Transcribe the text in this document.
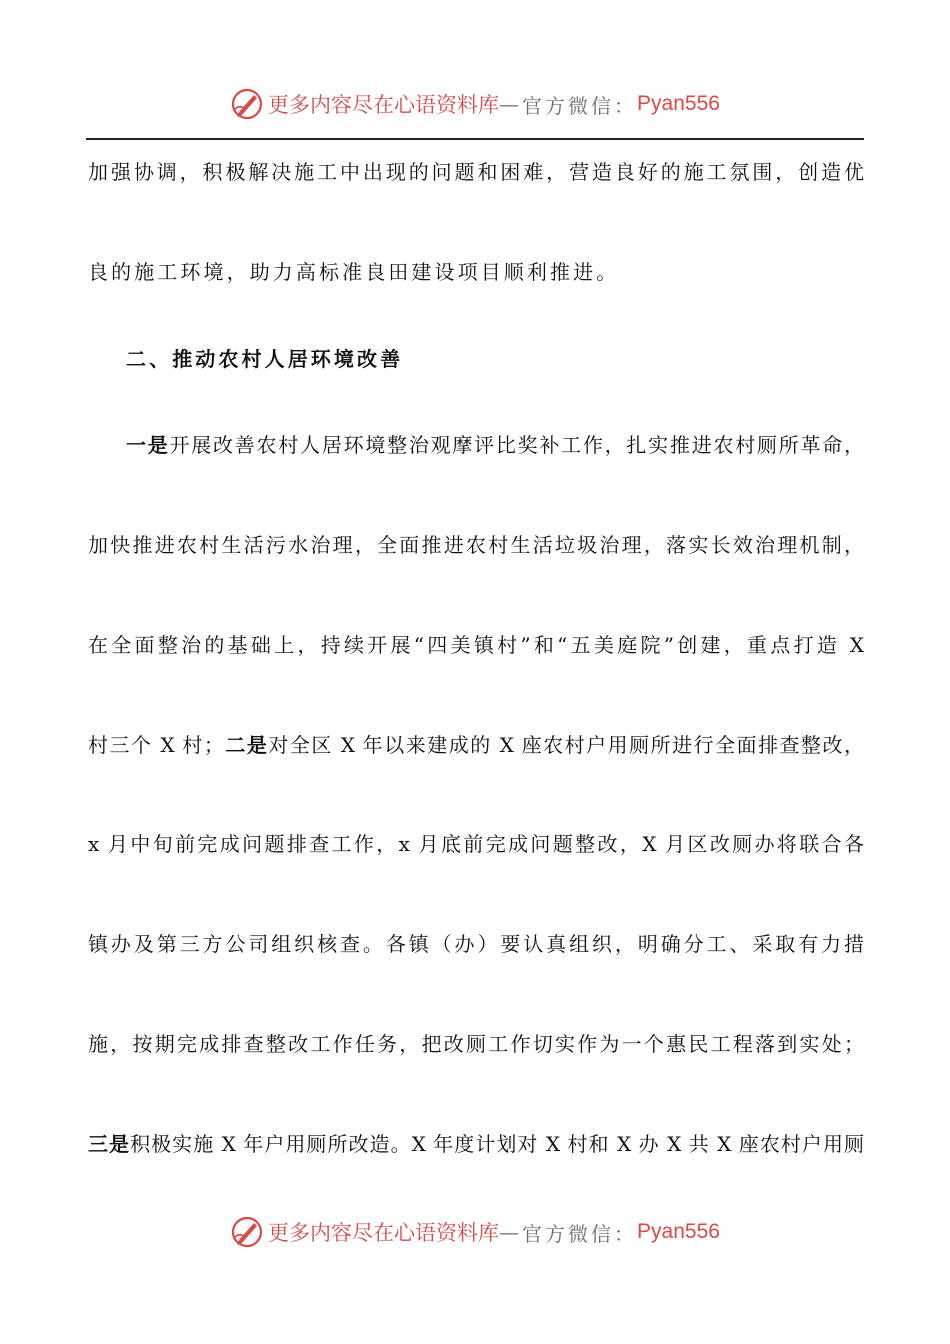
更多内容尽在心语资料库 — 官方微信： Pyan556
加强协调，积极解决施工中出现的问题和困难，营造良好的施工氛围，创造优
良的施工环境，助力高标准良田建设项目顺利推进。
二、推动农村人居环境改善
一是开展改善农村人居环境整治观摩评比奖补工作，扎实推进农村厕所革命，
加快推进农村生活污水治理，全面推进农村生活垃圾治理，落实长效治理机制，
在全面整治的基础上，持续开展“四美镇村”和“五美庭院”创建，重点打造 X
村三个 X 村；二是对全区 X 年以来建成的 X 座农村户用厕所进行全面排查整改，
x 月中旬前完成问题排查工作，x 月底前完成问题整改，X 月区改厕办将联合各
镇办及第三方公司组织核查。各镇（办）要认真组织，明确分工、采取有力措
施，按期完成排查整改工作任务，把改厕工作切实作为一个惠民工程落到实处；
三是积极实施 X 年户用厕所改造。X 年度计划对 X 村和 X 办 X 共 X 座农村户用厕
更多内容尽在心语资料库 — 官方微信： Pyan556
